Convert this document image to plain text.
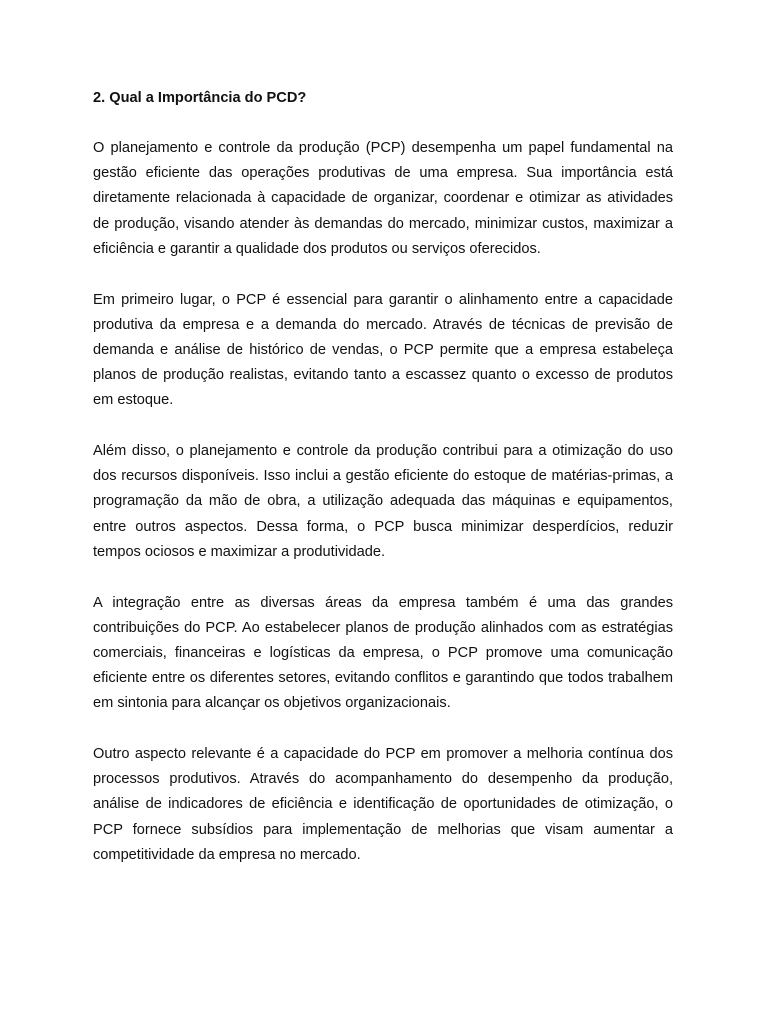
2. Qual a Importância do PCD?

O planejamento e controle da produção (PCP) desempenha um papel fundamental na gestão eficiente das operações produtivas de uma empresa. Sua importância está diretamente relacionada à capacidade de organizar, coordenar e otimizar as atividades de produção, visando atender às demandas do mercado, minimizar custos, maximizar a eficiência e garantir a qualidade dos produtos ou serviços oferecidos.

Em primeiro lugar, o PCP é essencial para garantir o alinhamento entre a capacidade produtiva da empresa e a demanda do mercado. Através de técnicas de previsão de demanda e análise de histórico de vendas, o PCP permite que a empresa estabeleça planos de produção realistas, evitando tanto a escassez quanto o excesso de produtos em estoque.

Além disso, o planejamento e controle da produção contribui para a otimização do uso dos recursos disponíveis. Isso inclui a gestão eficiente do estoque de matérias-primas, a programação da mão de obra, a utilização adequada das máquinas e equipamentos, entre outros aspectos. Dessa forma, o PCP busca minimizar desperdícios, reduzir tempos ociosos e maximizar a produtividade.

A integração entre as diversas áreas da empresa também é uma das grandes contribuições do PCP. Ao estabelecer planos de produção alinhados com as estratégias comerciais, financeiras e logísticas da empresa, o PCP promove uma comunicação eficiente entre os diferentes setores, evitando conflitos e garantindo que todos trabalhem em sintonia para alcançar os objetivos organizacionais.

Outro aspecto relevante é a capacidade do PCP em promover a melhoria contínua dos processos produtivos. Através do acompanhamento do desempenho da produção, análise de indicadores de eficiência e identificação de oportunidades de otimização, o PCP fornece subsídios para implementação de melhorias que visam aumentar a competitividade da empresa no mercado.
